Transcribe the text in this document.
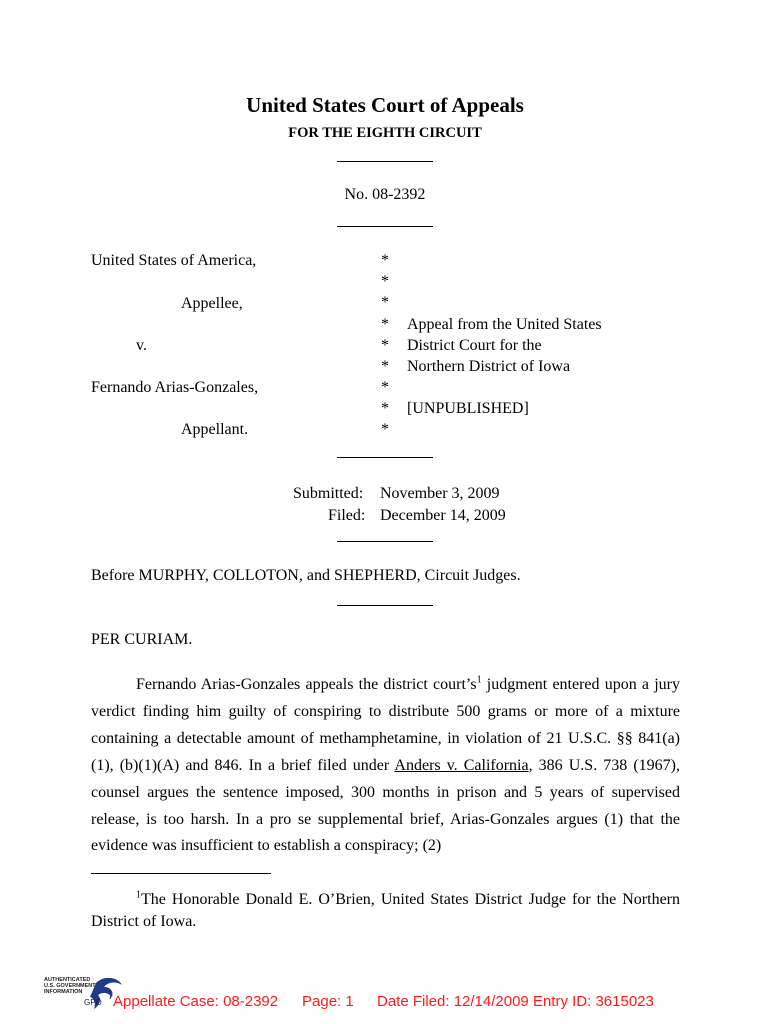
United States Court of Appeals
FOR THE EIGHTH CIRCUIT
No. 08-2392
United States of America,
Appellee,
v.
Fernando Arias-Gonzales,
Appellant.
*
*
*
*
*
*
*
*
*
Appeal from the United States
District Court for the
Northern District of Iowa
[UNPUBLISHED]
Submitted: November 3, 2009
Filed: December 14, 2009
Before MURPHY, COLLOTON, and SHEPHERD, Circuit Judges.
PER CURIAM.

Fernando Arias-Gonzales appeals the district $court’s^1$ judgment entered upon a jury verdict finding him guilty of conspiring to distribute 500 grams or more of a mixture containing a detectable amount of methamphetamine, in violation of 21 U.S.C. §§ 841(a)(1), (b)(1)(A) and 846. In a brief filed under Anders v. California, 386 U.S. 738 (1967), counsel argues the sentence imposed, 300 months in prison and 5 years of supervised release, is too harsh. In a pro se supplemental brief, Arias-Gonzales argues (1) that the evidence was insufficient to establish a conspiracy; (2)

$^1$The Honorable Donald E. O’Brien, United States District Judge for the Northern District of Iowa.

AUTHENTICATED
U.S. GOVERNMENT
INFORMATION
GPO Appellate Case: 08-2392 Page: 1 Date Filed: 12/14/2009 Entry ID: 3615023
